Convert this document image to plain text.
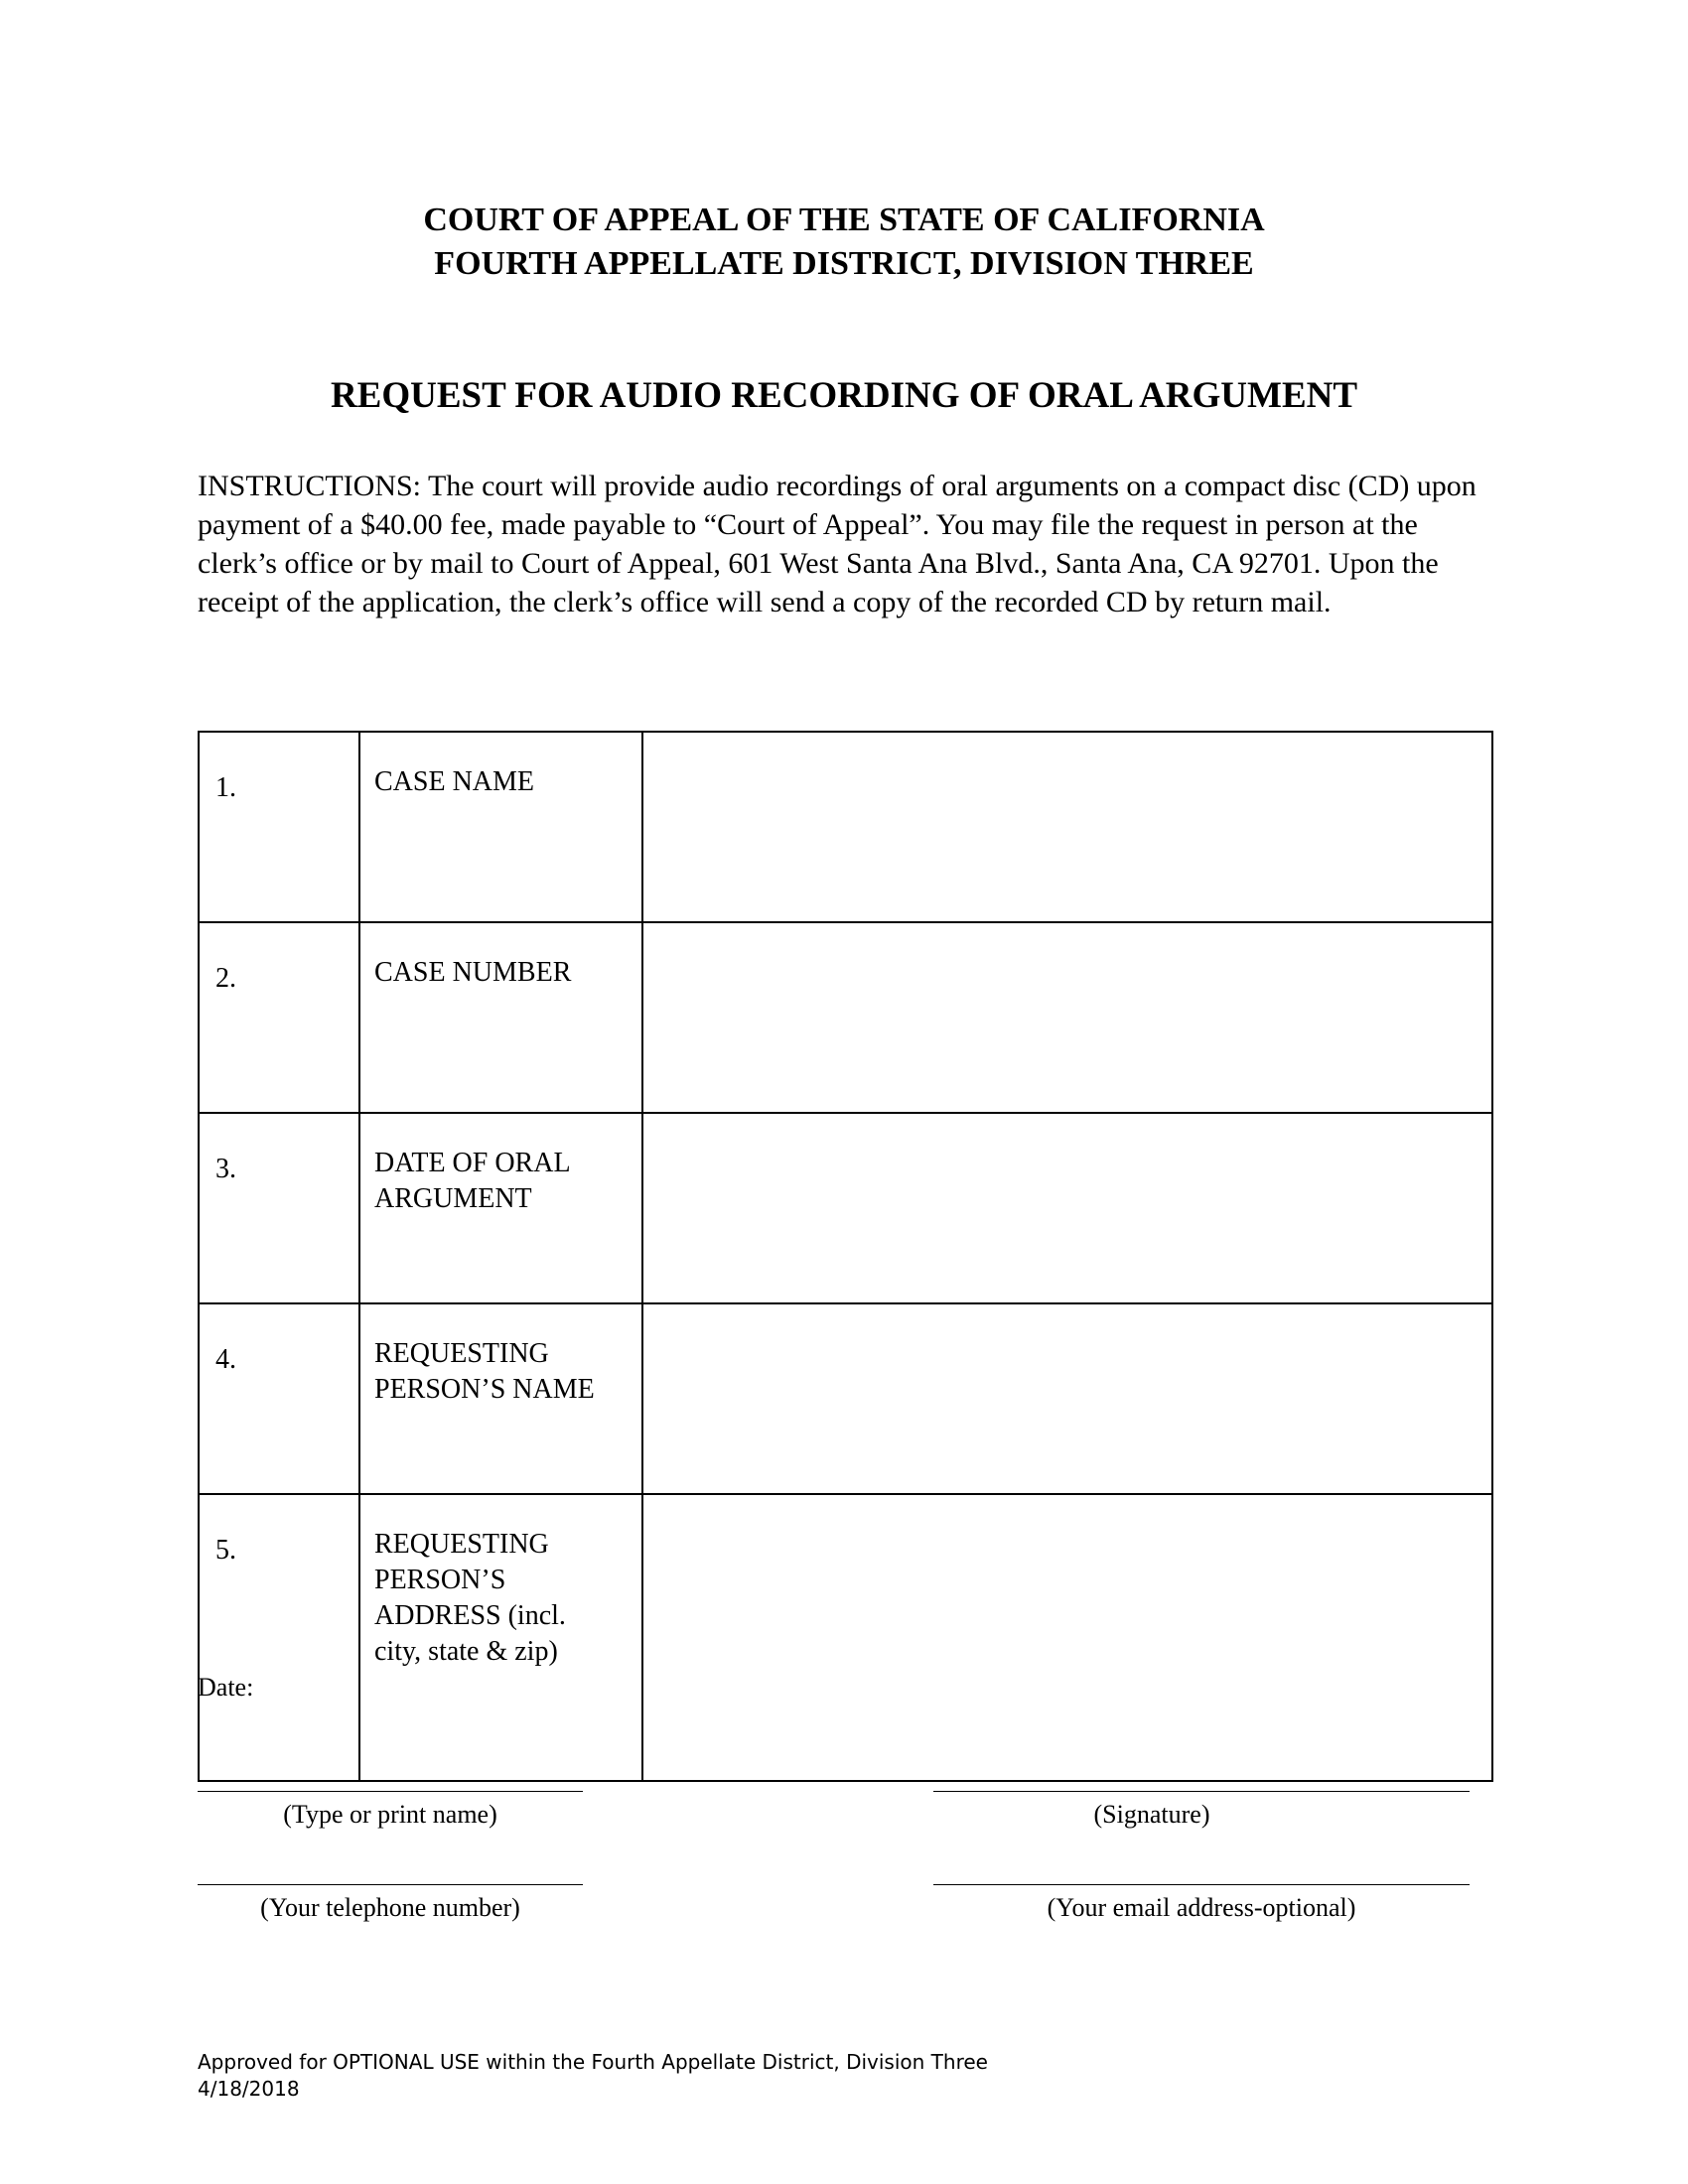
COURT OF APPEAL OF THE STATE OF CALIFORNIA
FOURTH APPELLATE DISTRICT, DIVISION THREE
REQUEST FOR AUDIO RECORDING OF ORAL ARGUMENT

INSTRUCTIONS: The court will provide audio recordings of oral arguments on a compact disc (CD) upon payment of a $40.00 fee, made payable to “Court of Appeal”. You may file the request in person at the clerk’s office or by mail to Court of Appeal, 601 West Santa Ana Blvd., Santa Ana, CA 92701. Upon the receipt of the application, the clerk’s office will send a copy of the recorded CD by return mail.

1.	CASE NAME	

2.	CASE NUMBER	

3.	DATE OF ORAL
ARGUMENT	

4.	REQUESTING
PERSON’S NAME	

5.	REQUESTING
PERSON’S
ADDRESS (incl.
city, state & zip)	

Date:
(Type or print name)	(Signature)
(Your telephone number)	(Your email address-optional)
Approved for OPTIONAL USE within the Fourth Appellate District, Division Three
4/18/2018
